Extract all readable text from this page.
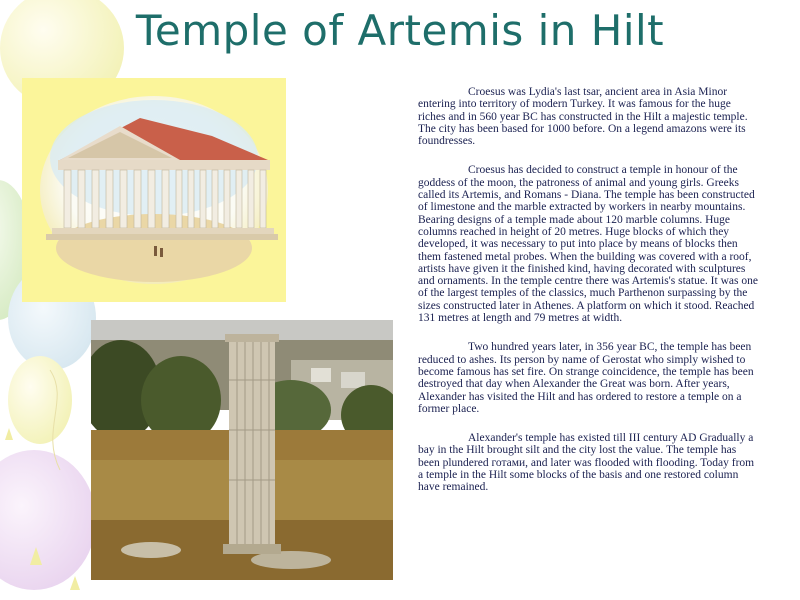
Temple of Artemis in Hilt

Croesus was Lydia's last tsar, ancient area in Asia Minor entering into territory of modern Turkey. It was famous for the huge riches and in 560 year BC has constructed in the Hilt a majestic temple. The city has been based for 1000 before. On a legend amazons were its foundresses.

Croesus has decided to construct a temple in honour of the goddess of the moon, the patroness of animal and young girls. Greeks called its Artemis, and Romans - Diana. The temple has been constructed of limestone and the marble extracted by workers in nearby mountains. Bearing designs of a temple made about 120 marble columns. Huge columns reached in height of 20 metres. Huge blocks of which they developed, it was necessary to put into place by means of blocks then them fastened metal probes. When the building was covered with a roof, artists have given it the finished kind, having decorated with sculptures and ornaments. In the temple centre there was Artemis's statue. It was one of the largest temples of the classics, much Parthenon surpassing by the sizes constructed later in Athenes. A platform on which it stood. Reached 131 metres at length and 79 metres at width.

Two hundred years later, in 356 year BC, the temple has been reduced to ashes. Its person by name of Gerostat who simply wished to become famous has set fire. On strange coincidence, the temple has been destroyed that day when Alexander the Great was born. After years, Alexander has visited the Hilt and has ordered to restore a temple on a former place.

Alexander's temple has existed till III century AD Gradually a bay in the Hilt brought silt and the city lost the value. The temple has been plundered готами, and later was flooded with flooding. Today from a temple in the Hilt some blocks of the basis and one restored column have remained.
